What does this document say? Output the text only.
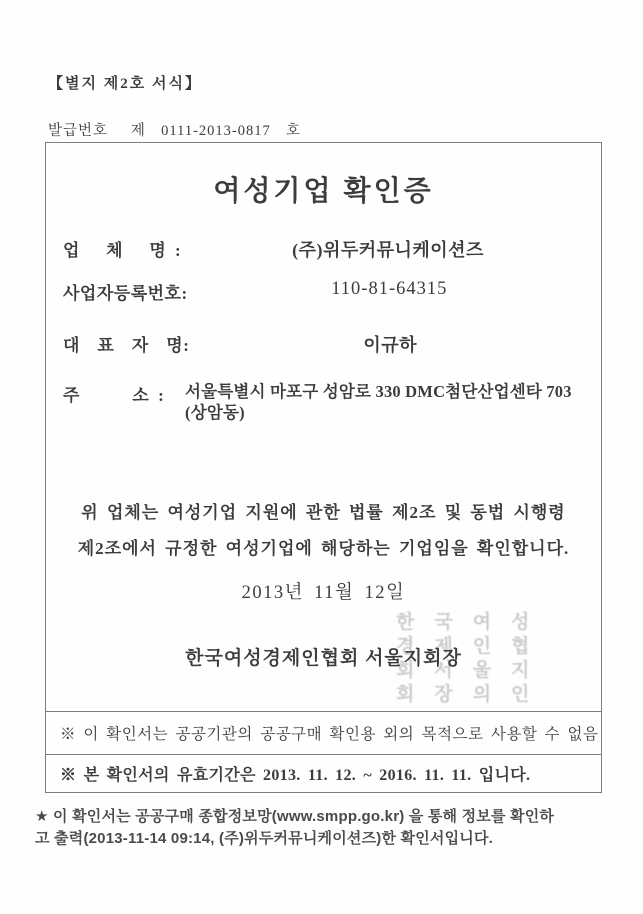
【별지 제2호 서식】
발급번호   제  0111-2013-0817  호
여성기업 확인증
업   체   명 :	(주)위두커뮤니케이션즈
사업자등록번호:	110-81-64315
대  표  자  명:	이규하
주      소 :	서울특별시 마포구 성암로 330 DMC첨단산업센타 703 (상암동)
위 업체는 여성기업 지원에 관한 법률 제2조 및 동법 시행령
제2조에서 규정한 여성기업에 해당하는 기업임을 확인합니다.
2013년 11월 12일
한국여성경제인협회 서울지회장
한국여성
경제인협
회서울지
회장의인
※ 이 확인서는 공공기관의 공공구매 확인용 외의 목적으로 사용할 수 없음
※ 본 확인서의 유효기간은 2013. 11. 12. ~ 2016. 11. 11. 입니다.
★ 이 확인서는 공공구매 종합정보망(www.smpp.go.kr) 을 통해 정보를 확인하
고 출력(2013-11-14 09:14, (주)위두커뮤니케이션즈)한 확인서입니다.
